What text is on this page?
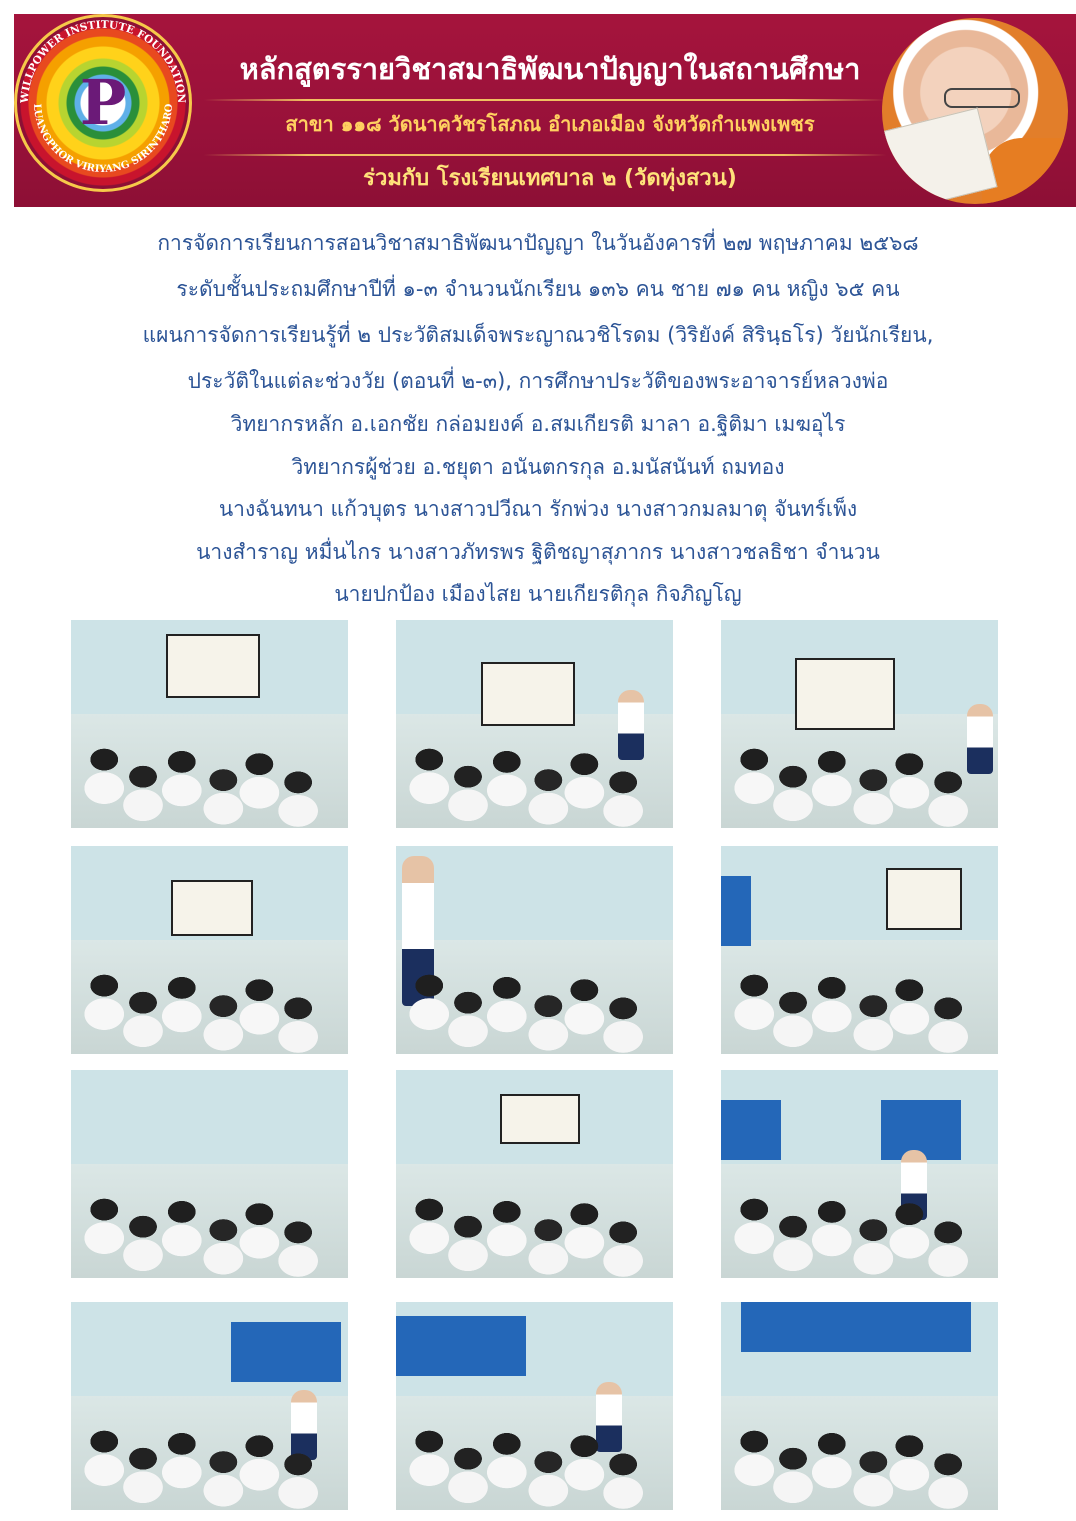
หลักสูตรรายวิชาสมาธิพัฒนาปัญญาในสถานศึกษา
สาขา ๑๑๘ วัดนาควัชรโสภณ อำเภอเมือง จังหวัดกำแพงเพชร
ร่วมกับ โรงเรียนเทศบาล ๒ (วัดทุ่งสวน)
WILLPOWER INSTITUTE FOUNDATION
LUANGPHOR VIRIYANG SIRINTHARO
P
การจัดการเรียนการสอนวิชาสมาธิพัฒนาปัญญา ในวันอังคารที่ ๒๗ พฤษภาคม ๒๕๖๘
ระดับชั้นประถมศึกษาปีที่ ๑-๓ จำนวนนักเรียน ๑๓๖ คน ชาย ๗๑ คน หญิง ๖๕ คน
แผนการจัดการเรียนรู้ที่ ๒ ประวัติสมเด็จพระญาณวชิโรดม (วิริยังค์ สิรินฺธโร) วัยนักเรียน,
ประวัติในแต่ละช่วงวัย (ตอนที่ ๒-๓), การศึกษาประวัติของพระอาจารย์หลวงพ่อ
วิทยากรหลัก อ.เอกชัย กล่อมยงค์ อ.สมเกียรติ มาลา อ.ฐิติมา เมฆอุไร
วิทยากรผู้ช่วย อ.ชยุตา อนันตกรกุล อ.มนัสนันท์ ถมทอง
นางฉันทนา แก้วบุตร นางสาวปวีณา รักพ่วง นางสาวกมลมาตุ จันทร์เพ็ง
นางสำราญ หมื่นไกร นางสาวภัทรพร ฐิติชญาสุภากร นางสาวชลธิชา จำนวน
นายปกป้อง เมืองไสย นายเกียรติกุล กิจภิญโญ
